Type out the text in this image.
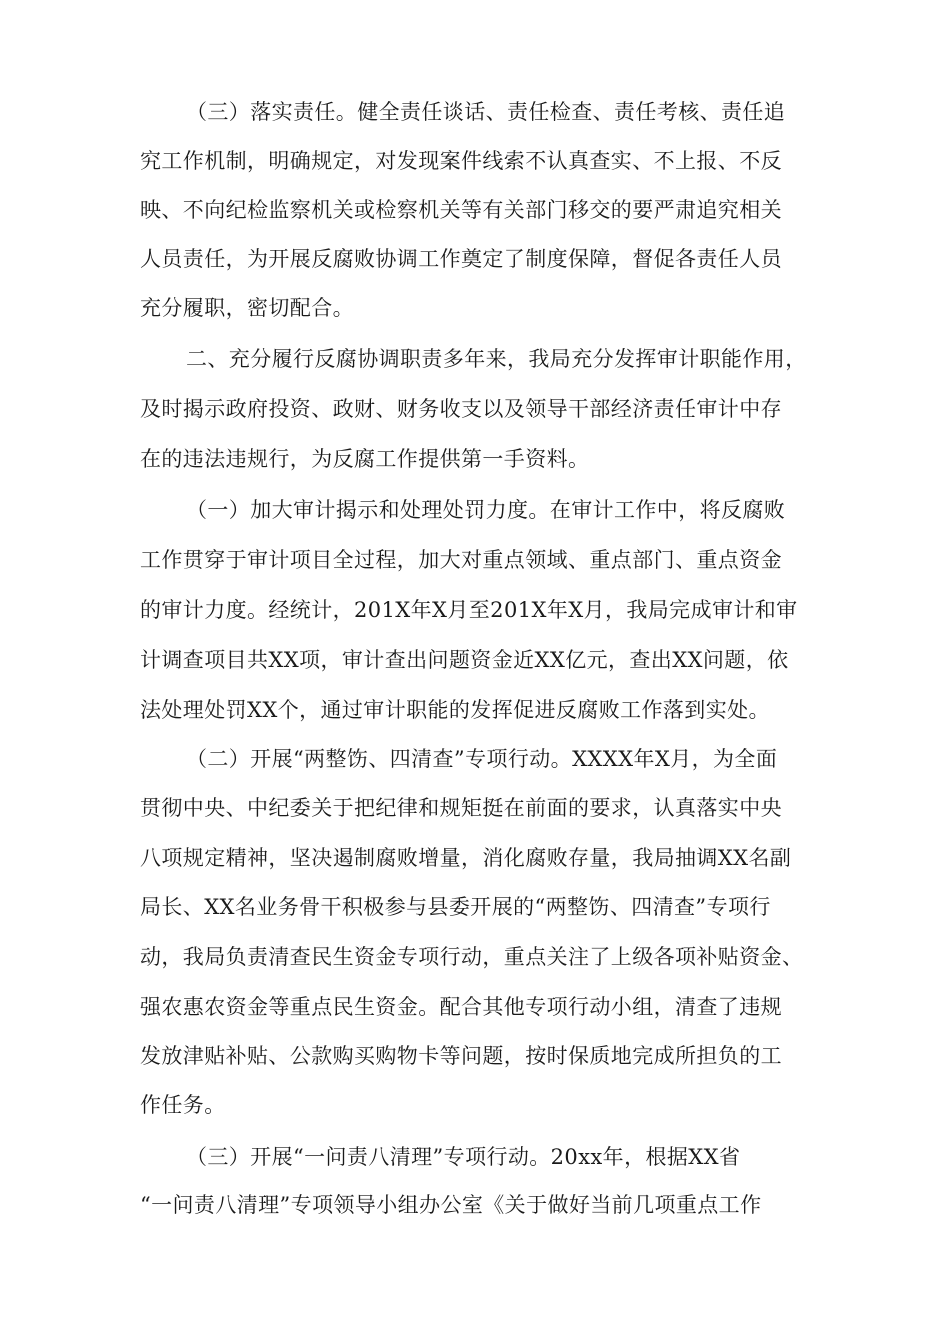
（三）落实责任。健全责任谈话、责任检查、责任考核、责任追
究工作机制，明确规定，对发现案件线索不认真查实、不上报、不反
映、不向纪检监察机关或检察机关等有关部门移交的要严肃追究相关
人员责任，为开展反腐败协调工作奠定了制度保障，督促各责任人员
充分履职，密切配合。
二、充分履行反腐协调职责多年来，我局充分发挥审计职能作用，
及时揭示政府投资、政财、财务收支以及领导干部经济责任审计中存
在的违法违规行，为反腐工作提供第一手资料。
（一）加大审计揭示和处理处罚力度。在审计工作中，将反腐败
工作贯穿于审计项目全过程，加大对重点领域、重点部门、重点资金
的审计力度。经统计，201X年X月至201X年X月，我局完成审计和审
计调查项目共XX项，审计查出问题资金近XX亿元，查出XX问题，依
法处理处罚XX个，通过审计职能的发挥促进反腐败工作落到实处。
（二）开展“两整饬、四清查”专项行动。XXXX年X月，为全面
贯彻中央、中纪委关于把纪律和规矩挺在前面的要求，认真落实中央
八项规定精神，坚决遏制腐败增量，消化腐败存量，我局抽调XX名副
局长、XX名业务骨干积极参与县委开展的“两整饬、四清查”专项行
动，我局负责清查民生资金专项行动，重点关注了上级各项补贴资金、
强农惠农资金等重点民生资金。配合其他专项行动小组，清查了违规
发放津贴补贴、公款购买购物卡等问题，按时保质地完成所担负的工
作任务。
（三）开展“一问责八清理”专项行动。20xx年，根据XX省
“一问责八清理”专项领导小组办公室《关于做好当前几项重点工作
